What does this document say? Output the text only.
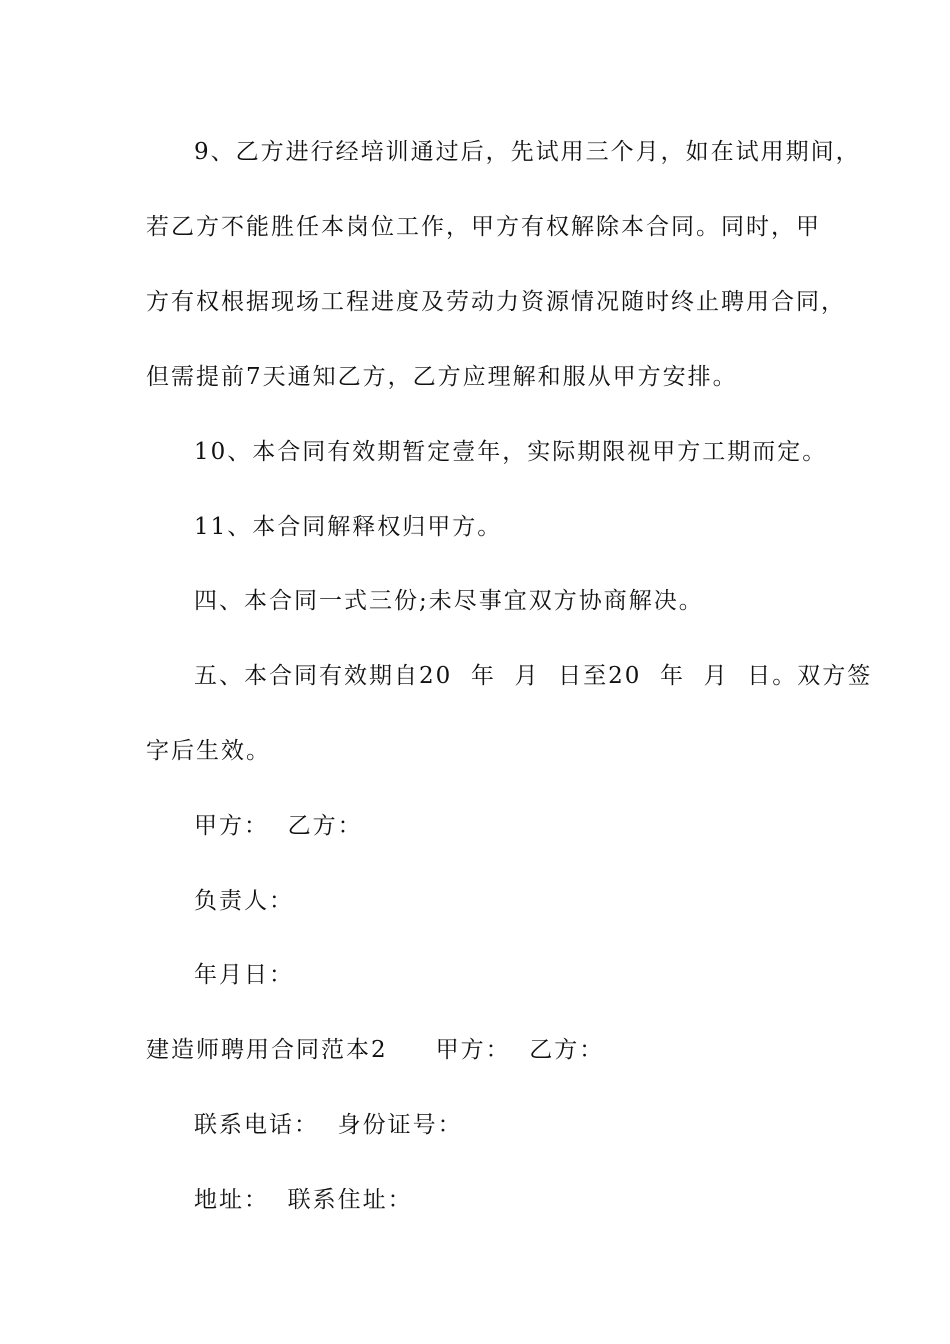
9、乙方进行经培训通过后，先试用三个月，如在试用期间，
若乙方不能胜任本岗位工作，甲方有权解除本合同。同时，甲
方有权根据现场工程进度及劳动力资源情况随时终止聘用合同，
但需提前7天通知乙方，乙方应理解和服从甲方安排。
10、本合同有效期暂定壹年，实际期限视甲方工期而定。
11、本合同解释权归甲方。
四、本合同一式三份;未尽事宜双方协商解决。
五、本合同有效期自20  年  月  日至20  年  月  日。双方签
字后生效。
甲方：  乙方：
负责人：
年月日：
建造师聘用合同范本2 甲方：  乙方：
联系电话：  身份证号：
地址：  联系住址：
